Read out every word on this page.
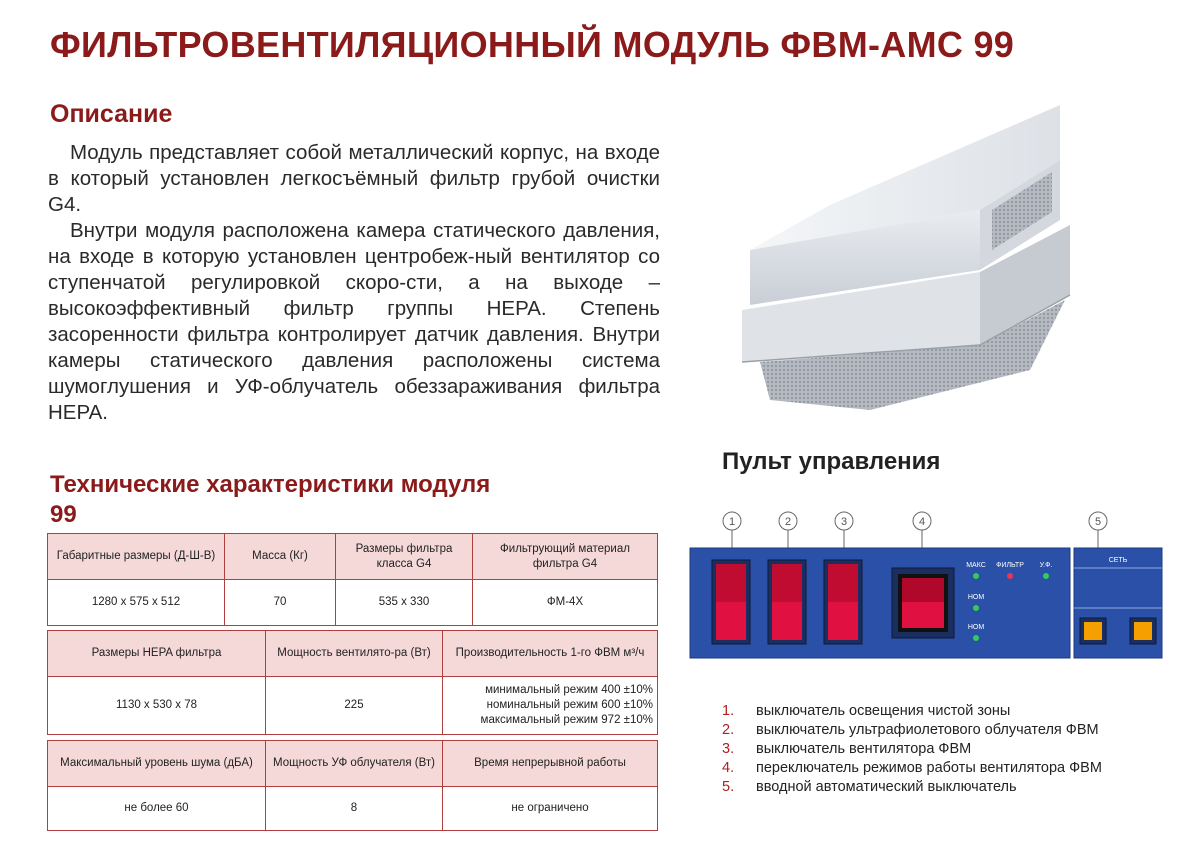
ФИЛЬТРОВЕНТИЛЯЦИОННЫЙ МОДУЛЬ ФВМ-АМС 99
Описание

Модуль представляет собой металлический корпус, на входе в который установлен легкосъёмный фильтр грубой очистки G4.

Внутри модуля расположена камера статического давления, на входе в которую установлен центробеж-ный вентилятор со ступенчатой регулировкой скоро-сти, а на выходе – высокоэффективный фильтр группы HEPA. Степень засоренности фильтра контролирует датчик давления. Внутри камеры статического давления расположены система шумоглушения и УФ-облучатель обеззараживания фильтра HEPA.

Технические характеристики модуля 99
Габаритные размеры (Д-Ш-В)	Масса (Кг)	Размеры фильтра класса G4	Фильтрующий материал фильтра G4
1280 x 575 x 512	70	535 x 330	ФМ-4Х
Размеры HEPA фильтра	Мощность вентилято-ра (Вт)	Производительность 1-го ФВМ м³/ч
1130 x 530 x 78	225	минимальный режим 400 ±10%
номинальный режим 600 ±10%
максимальный режим 972 ±10%
Максимальный уровень шума (дБА)	Мощность УФ облучателя (Вт)	Время непрерывной работы
не более 60	8	не ограничено
Пульт управления
1	2	3	4	5
МАКС ФИЛЬТР У.Ф.
НОМ
НОМ
СЕТЬ
1. выключатель освещения чистой зоны
2. выключатель ультрафиолетового облучателя ФВМ
3. выключатель вентилятора ФВМ
4. переключатель режимов работы вентилятора ФВМ
5. вводной автоматический выключатель
